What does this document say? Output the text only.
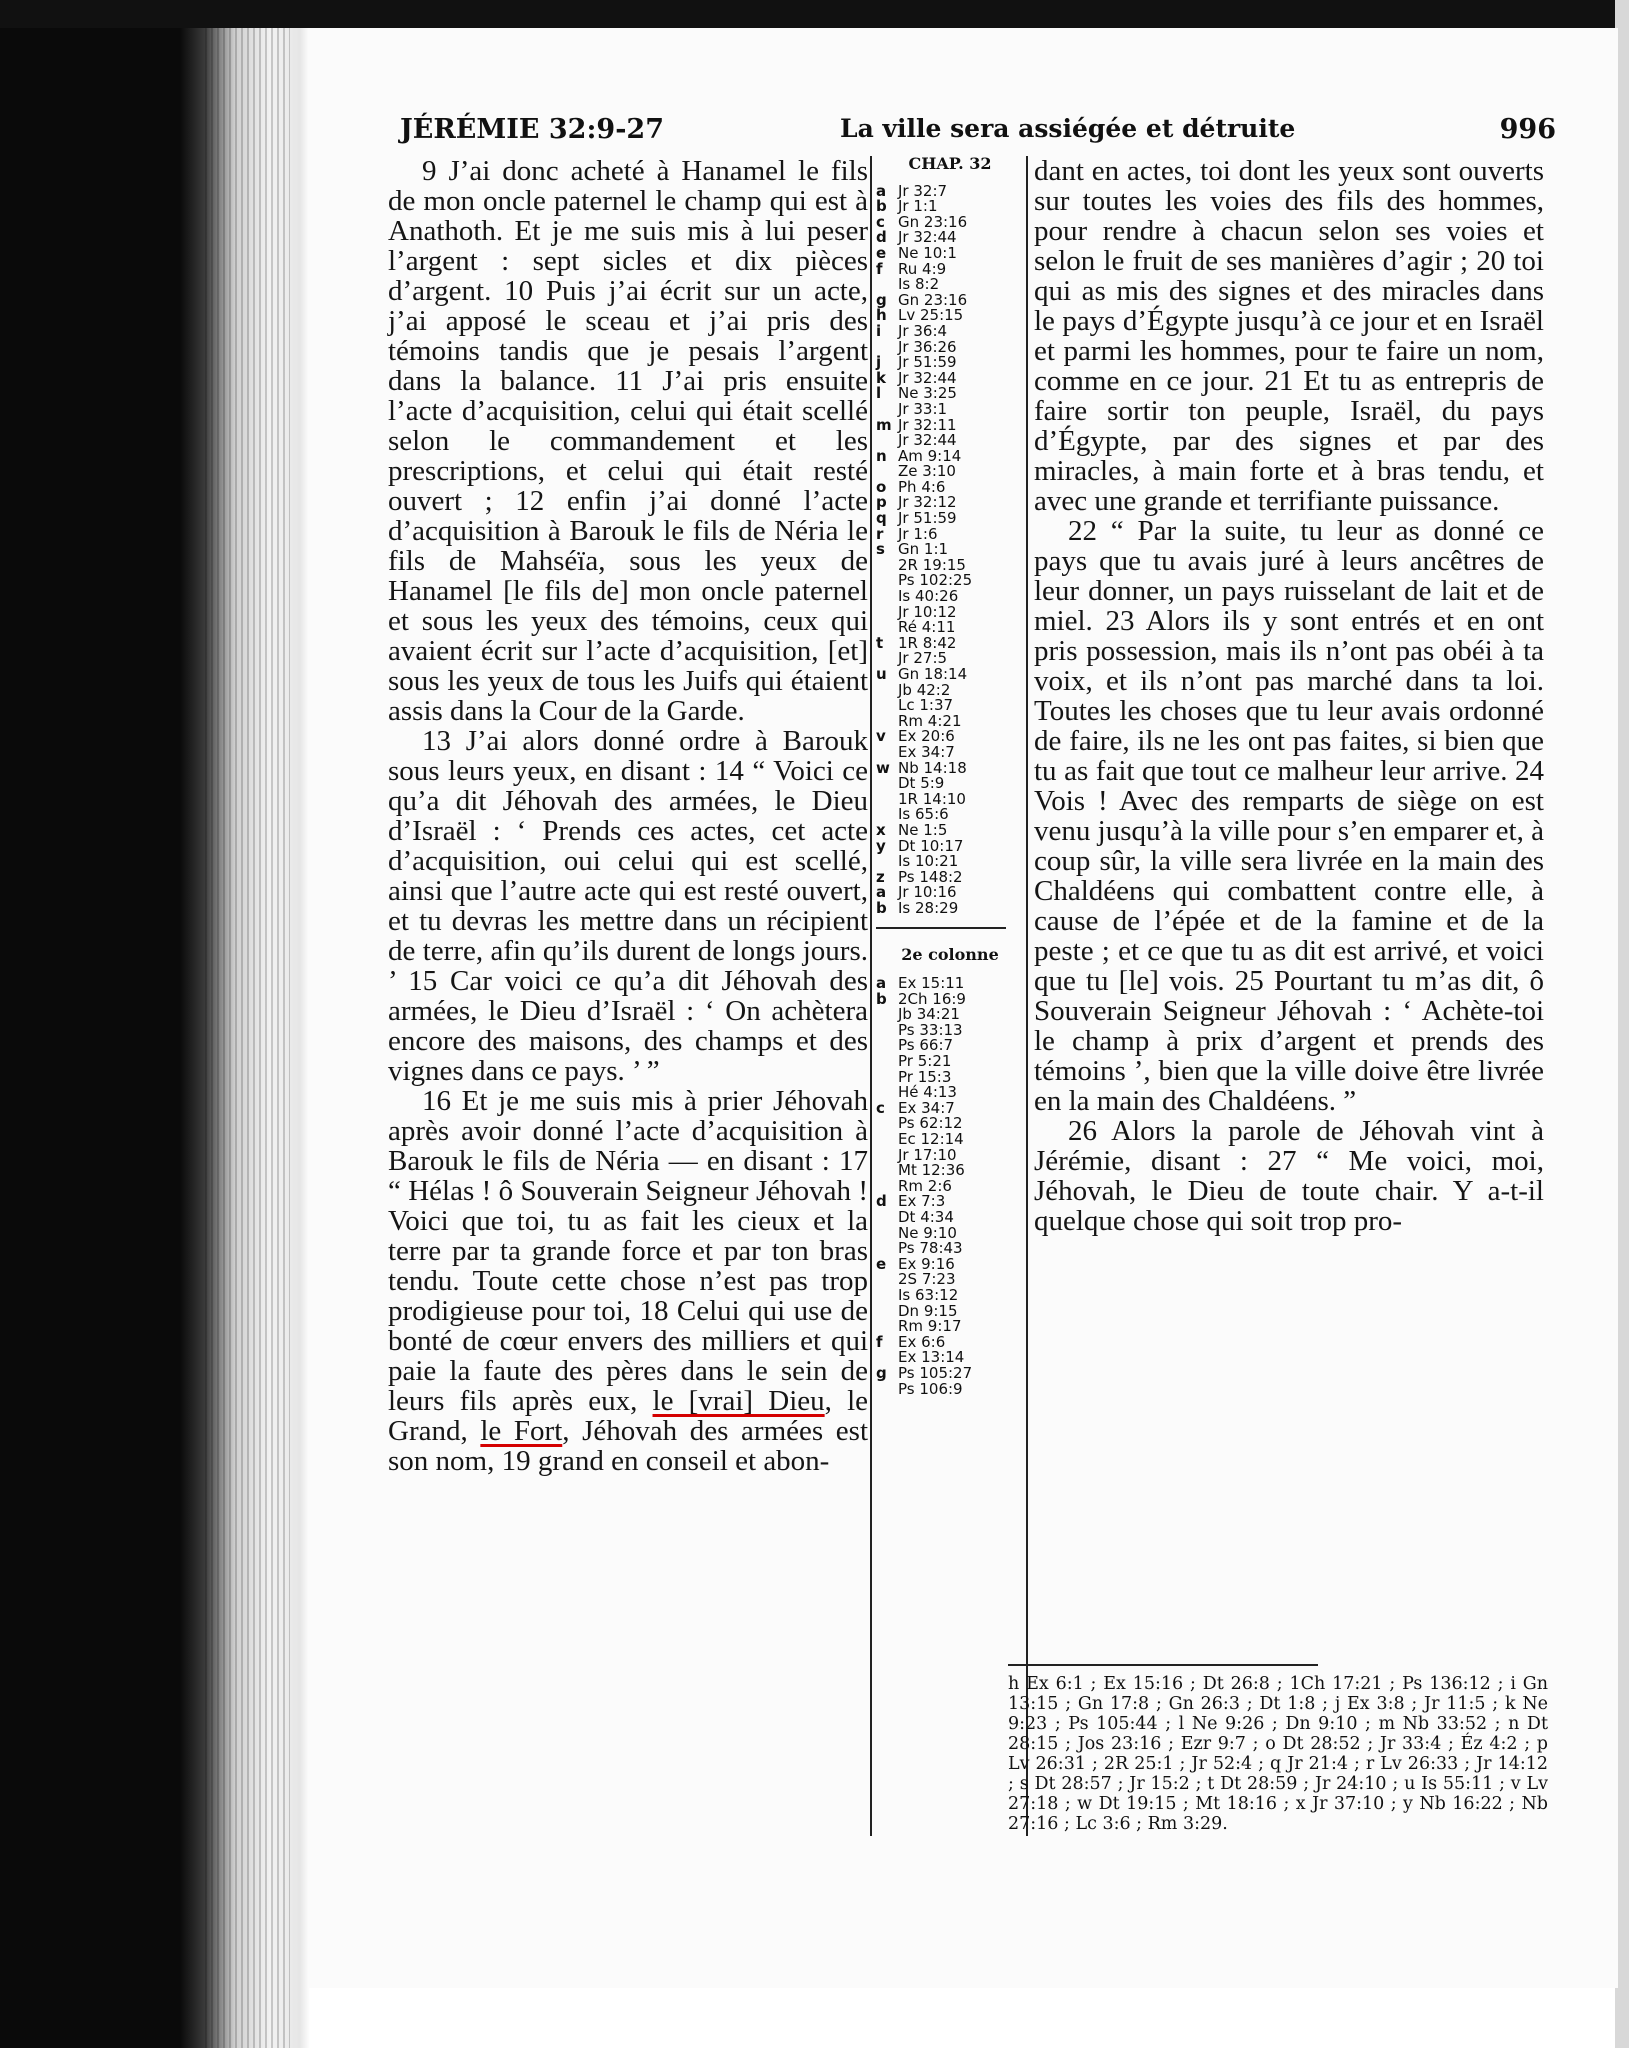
JÉRÉMIE 32:9-27	La ville sera assiégée et détruite	996

9 J’ai donc acheté à Hanamel le fils de mon oncle paternel le champ qui est à Anathoth. Et je me suis mis à lui peser l’argent : sept sicles et dix pièces d’argent. 10 Puis j’ai écrit sur un acte, j’ai apposé le sceau et j’ai pris des témoins tandis que je pesais l’argent dans la balance. 11 J’ai pris ensuite l’acte d’acquisition, celui qui était scellé selon le commandement et les prescriptions, et celui qui était resté ouvert ; 12 enfin j’ai donné l’acte d’acquisition à Barouk le fils de Néria le fils de Mahséïa, sous les yeux de Hanamel [le fils de] mon oncle paternel et sous les yeux des témoins, ceux qui avaient écrit sur l’acte d’acquisition, [et] sous les yeux de tous les Juifs qui étaient assis dans la Cour de la Garde.

13 J’ai alors donné ordre à Barouk sous leurs yeux, en disant : 14 “ Voici ce qu’a dit Jéhovah des armées, le Dieu d’Israël : ‘ Prends ces actes, cet acte d’acquisition, oui celui qui est scellé, ainsi que l’autre acte qui est resté ouvert, et tu devras les mettre dans un récipient de terre, afin qu’ils durent de longs jours. ’ 15 Car voici ce qu’a dit Jéhovah des armées, le Dieu d’Israël : ‘ On achètera encore des maisons, des champs et des vignes dans ce pays. ’ ”

16 Et je me suis mis à prier Jéhovah après avoir donné l’acte d’acquisition à Barouk le fils de Néria — en disant : 17 “ Hélas ! ô Souverain Seigneur Jéhovah ! Voici que toi, tu as fait les cieux et la terre par ta grande force et par ton bras tendu. Toute cette chose n’est pas trop prodigieuse pour toi, 18 Celui qui use de bonté de cœur envers des milliers et qui paie la faute des pères dans le sein de leurs fils après eux, le [vrai] Dieu, le Grand, le Fort, Jéhovah des armées est son nom, 19 grand en conseil et abon-

CHAP. 32
a Jr 32:7
b Jr 1:1
c Gn 23:16
d Jr 32:44
e Ne 10:1
f	Ru 4:9
Is 8:2
g Gn 23:16
h Lv 25:15
i	Jr 36:4
Jr 36:26
j	Jr 51:59
k Jr 32:44
l	Ne 3:25
Jr 33:1
m Jr 32:11
Jr 32:44
n Am 9:14
Ze 3:10
o Ph 4:6
p Jr 32:12
q Jr 51:59
r Jr 1:6
s Gn 1:1
2R 19:15
Ps 102:25
Is 40:26
Jr 10:12
Ré 4:11
t 1R 8:42
Jr 27:5
u Gn 18:14
Jb 42:2
Lc 1:37
Rm 4:21
v Ex 20:6
Ex 34:7
w Nb 14:18
Dt 5:9
1R 14:10
Is 65:6
x Ne 1:5
y Dt 10:17
Is 10:21
z Ps 148:2
a Jr 10:16
b Is 28:29
2e colonne
a Ex 15:11
b 2Ch 16:9
Jb 34:21
Ps 33:13
Ps 66:7
Pr 5:21
Pr 15:3
Hé 4:13
c Ex 34:7
Ps 62:12
Ec 12:14
Jr 17:10
Mt 12:36
Rm 2:6
d Ex 7:3
Dt 4:34
Ne 9:10
Ps 78:43
e Ex 9:16
2S 7:23
Is 63:12
Dn 9:15
Rm 9:17
f	Ex 6:6
Ex 13:14
g Ps 105:27
Ps 106:9

dant en actes, toi dont les yeux sont ouverts sur toutes les voies des fils des hommes, pour rendre à chacun selon ses voies et selon le fruit de ses manières d’agir ; 20 toi qui as mis des signes et des miracles dans le pays d’Égypte jusqu’à ce jour et en Israël et parmi les hommes, pour te faire un nom, comme en ce jour. 21 Et tu as entrepris de faire sortir ton peuple, Israël, du pays d’Égypte, par des signes et par des miracles, à main forte et à bras tendu, et avec une grande et terrifiante puissance.

22 “ Par la suite, tu leur as donné ce pays que tu avais juré à leurs ancêtres de leur donner, un pays ruisselant de lait et de miel. 23 Alors ils y sont entrés et en ont pris possession, mais ils n’ont pas obéi à ta voix, et ils n’ont pas marché dans ta loi. Toutes les choses que tu leur avais ordonné de faire, ils ne les ont pas faites, si bien que tu as fait que tout ce malheur leur arrive. 24 Vois ! Avec des remparts de siège on est venu jusqu’à la ville pour s’en emparer et, à coup sûr, la ville sera livrée en la main des Chaldéens qui combattent contre elle, à cause de l’épée et de la famine et de la peste ; et ce que tu as dit est arrivé, et voici que tu [le] vois. 25 Pourtant tu m’as dit, ô Souverain Seigneur Jéhovah : ‘ Achète-toi le champ à prix d’argent et prends des témoins ’, bien que la ville doive être livrée en la main des Chaldéens. ”

26 Alors la parole de Jéhovah vint à Jérémie, disant : 27 “ Me voici, moi, Jéhovah, le Dieu de toute chair. Y a-t-il quelque chose qui soit trop pro-

h Ex 6:1 ; Ex 15:16 ; Dt 26:8 ; 1Ch 17:21 ; Ps 136:12 ; i Gn 13:15 ; Gn 17:8 ; Gn 26:3 ; Dt 1:8 ; j Ex 3:8 ; Jr 11:5 ; k Ne 9:23 ; Ps 105:44 ; l Ne 9:26 ; Dn 9:10 ; m Nb 33:52 ; n Dt 28:15 ; Jos 23:16 ; Ezr 9:7 ; o Dt 28:52 ; Jr 33:4 ; Éz 4:2 ; p Lv 26:31 ; 2R 25:1 ; Jr 52:4 ; q Jr 21:4 ; r Lv 26:33 ; Jr 14:12 ; s Dt 28:57 ; Jr 15:2 ; t Dt 28:59 ; Jr 24:10 ; u Is 55:11 ; v Lv 27:18 ; w Dt 19:15 ; Mt 18:16 ; x Jr 37:10 ; y Nb 16:22 ; Nb 27:16 ; Lc 3:6 ; Rm 3:29.
